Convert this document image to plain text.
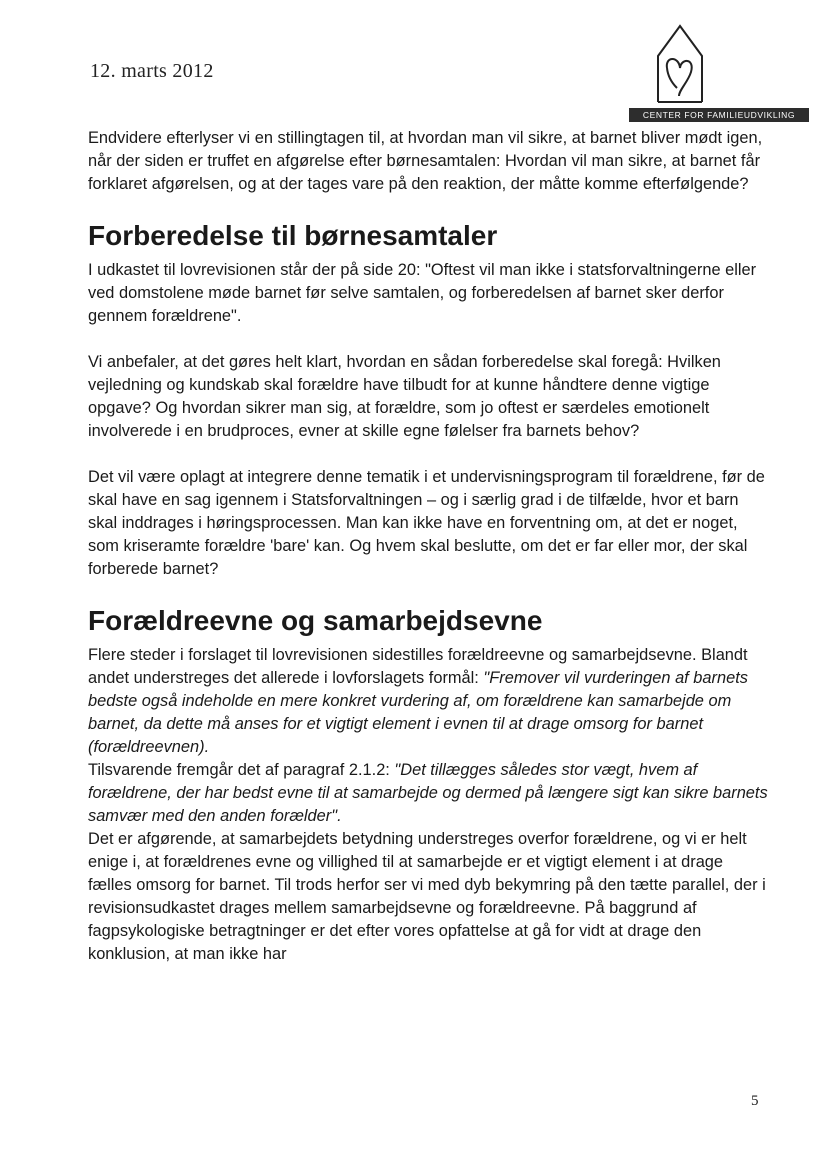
12. marts 2012
CENTER FOR FAMILIEUDVIKLING

Endvidere efterlyser vi en stillingtagen til, at hvordan man vil sikre, at barnet bliver mødt igen, når der siden er truffet en afgørelse efter børnesamtalen: Hvordan vil man sikre, at barnet får forklaret afgørelsen, og at der tages vare på den reaktion, der måtte komme efterfølgende?

Forberedelse til børnesamtaler

I udkastet til lovrevisionen står der på side 20: "Oftest vil man ikke i statsforvaltningerne eller ved domstolene møde barnet før selve samtalen, og forberedelsen af barnet sker derfor gennem forældrene".

Vi anbefaler, at det gøres helt klart, hvordan en sådan forberedelse skal foregå: Hvilken vejledning og kundskab skal forældre have tilbudt for at kunne håndtere denne vigtige opgave? Og hvordan sikrer man sig, at forældre, som jo oftest er særdeles emotionelt involverede i en brudproces, evner at skille egne følelser fra barnets behov?

Det vil være oplagt at integrere denne tematik i et undervisningsprogram til forældrene, før de skal have en sag igennem i Statsforvaltningen – og i særlig grad i de tilfælde, hvor et barn skal inddrages i høringsprocessen. Man kan ikke have en forventning om, at det er noget, som kriseramte forældre 'bare' kan. Og hvem skal beslutte, om det er far eller mor, der skal forberede barnet?

Forældreevne og samarbejdsevne

Flere steder i forslaget til lovrevisionen sidestilles forældreevne og samarbejdsevne. Blandt andet understreges det allerede i lovforslagets formål: "Fremover vil vurderingen af barnets bedste også indeholde en mere konkret vurdering af, om forældrene kan samarbejde om barnet, da dette må anses for et vigtigt element i evnen til at drage omsorg for barnet (forældreevnen).

Tilsvarende fremgår det af paragraf 2.1.2: "Det tillægges således stor vægt, hvem af forældrene, der har bedst evne til at samarbejde og dermed på længere sigt kan sikre barnets samvær med den anden forælder".

Det er afgørende, at samarbejdets betydning understreges overfor forældrene, og vi er helt enige i, at forældrenes evne og villighed til at samarbejde er et vigtigt element i at drage fælles omsorg for barnet. Til trods herfor ser vi med dyb bekymring på den tætte parallel, der i revisionsudkastet drages mellem samarbejdsevne og forældreevne. På baggrund af fagpsykologiske betragtninger er det efter vores opfattelse at gå for vidt at drage den konklusion, at man ikke har

5
